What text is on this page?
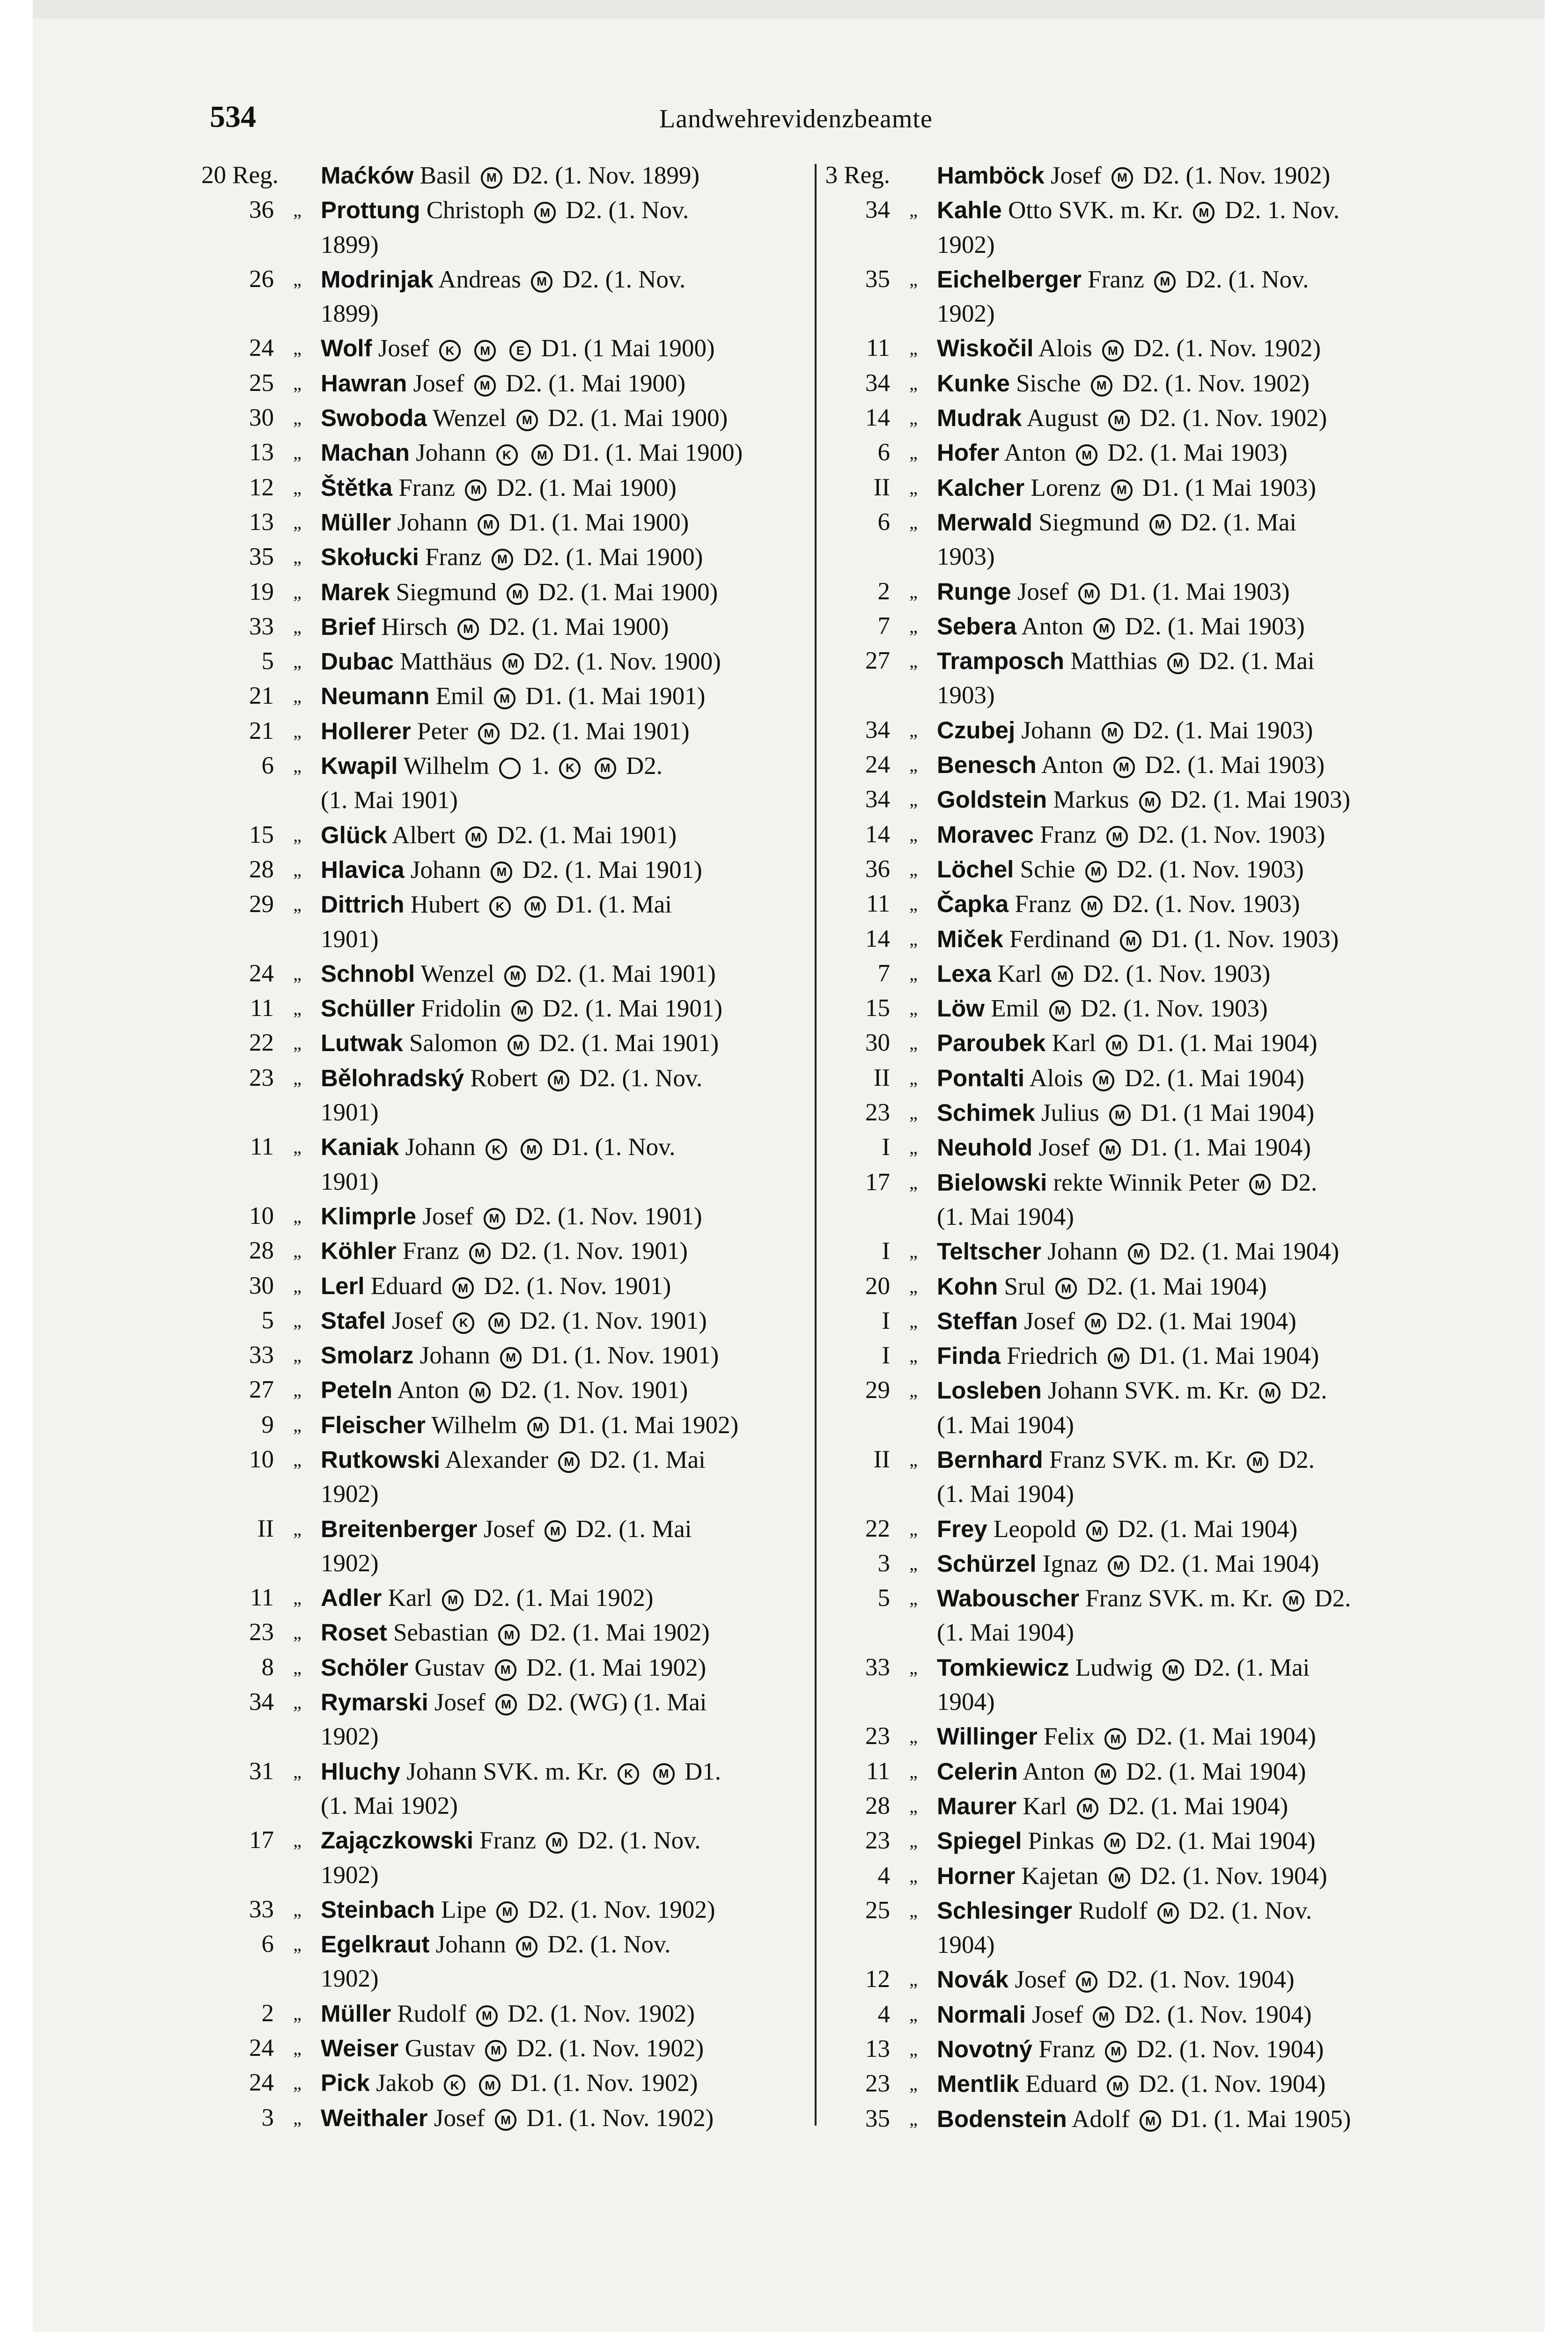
534	Landwehrevidenzbeamte
20 Reg. Maćków Basil M D2. (1. Nov. 1899)
36	„ Prottung Christoph M D2. (1. Nov.
1899)
26	„ Modrinjak Andreas M D2. (1. Nov.
1899)
24	„ Wolf Josef K M E D1. (1 Mai 1900)
25	„ Hawran Josef M D2. (1. Mai 1900)
30	„ Swoboda Wenzel M D2. (1. Mai 1900)
13	„ Machan Johann K M D1. (1. Mai 1900)
12	„ Štětka Franz M D2. (1. Mai 1900)
13	„ Müller Johann M D1. (1. Mai 1900)
35	„ Skołucki Franz M D2. (1. Mai 1900)
19	„ Marek Siegmund M D2. (1. Mai 1900)
33	„ Brief Hirsch M D2. (1. Mai 1900)
5	„ Dubac Matthäus M D2. (1. Nov. 1900)
21	„ Neumann Emil M D1. (1. Mai 1901)
21	„ Hollerer Peter M D2. (1. Mai 1901)
6	„ Kwapil Wilhelm  1. K M D2.
(1. Mai 1901)
15	„ Glück Albert M D2. (1. Mai 1901)
28	„ Hlavica Johann M D2. (1. Mai 1901)
29	„ Dittrich Hubert K M D1. (1. Mai
1901)
24	„ Schnobl Wenzel M D2. (1. Mai 1901)
11	„ Schüller Fridolin M D2. (1. Mai 1901)
22	„ Lutwak Salomon M D2. (1. Mai 1901)
23	„ Bělohradský Robert M D2. (1. Nov.
1901)
11	„ Kaniak Johann K M D1. (1. Nov.
1901)
10	„ Klimprle Josef M D2. (1. Nov. 1901)
28	„ Köhler Franz M D2. (1. Nov. 1901)
30	„ Lerl Eduard M D2. (1. Nov. 1901)
5	„ Stafel Josef K M D2. (1. Nov. 1901)
33	„ Smolarz Johann M D1. (1. Nov. 1901)
27	„ Peteln Anton M D2. (1. Nov. 1901)
9	„ Fleischer Wilhelm M D1. (1. Mai 1902)
10	„ Rutkowski Alexander M D2. (1. Mai
1902)
II	„ Breitenberger Josef M D2. (1. Mai
1902)
11	„ Adler Karl M D2. (1. Mai 1902)
23	„ Roset Sebastian M D2. (1. Mai 1902)
8	„ Schöler Gustav M D2. (1. Mai 1902)
34	„ Rymarski Josef M D2. (WG) (1. Mai
1902)
31	„ Hluchy Johann SVK. m. Kr. K M D1.
(1. Mai 1902)
17	„ Zajączkowski Franz M D2. (1. Nov.
1902)
33	„ Steinbach Lipe M D2. (1. Nov. 1902)
6	„ Egelkraut Johann M D2. (1. Nov.
1902)
2	„ Müller Rudolf M D2. (1. Nov. 1902)
24	„ Weiser Gustav M D2. (1. Nov. 1902)
24	„ Pick Jakob K M D1. (1. Nov. 1902)
3	„ Weithaler Josef M D1. (1. Nov. 1902)
3 Reg. Hamböck Josef M D2. (1. Nov. 1902)
34	„ Kahle Otto SVK. m. Kr. M D2. 1. Nov.
1902)
35	„ Eichelberger Franz M D2. (1. Nov.
1902)
11	„ Wiskočil Alois M D2. (1. Nov. 1902)
34	„ Kunke Sische M D2. (1. Nov. 1902)
14	„ Mudrak August M D2. (1. Nov. 1902)
6	„ Hofer Anton M D2. (1. Mai 1903)
II	„ Kalcher Lorenz M D1. (1 Mai 1903)
6	„ Merwald Siegmund M D2. (1. Mai
1903)
2	„ Runge Josef M D1. (1. Mai 1903)
7	„ Sebera Anton M D2. (1. Mai 1903)
27	„ Tramposch Matthias M D2. (1. Mai
1903)
34	„ Czubej Johann M D2. (1. Mai 1903)
24	„ Benesch Anton M D2. (1. Mai 1903)
34	„ Goldstein Markus M D2. (1. Mai 1903)
14	„ Moravec Franz M D2. (1. Nov. 1903)
36	„ Löchel Schie M D2. (1. Nov. 1903)
11	„ Čapka Franz M D2. (1. Nov. 1903)
14	„ Miček Ferdinand M D1. (1. Nov. 1903)
7	„ Lexa Karl M D2. (1. Nov. 1903)
15	„ Löw Emil M D2. (1. Nov. 1903)
30	„ Paroubek Karl M D1. (1. Mai 1904)
II	„ Pontalti Alois M D2. (1. Mai 1904)
23	„ Schimek Julius M D1. (1 Mai 1904)
I	„ Neuhold Josef M D1. (1. Mai 1904)
17	„ Bielowski rekte Winnik Peter M D2.
(1. Mai 1904)
I	„ Teltscher Johann M D2. (1. Mai 1904)
20	„ Kohn Srul M D2. (1. Mai 1904)
I	„ Steffan Josef M D2. (1. Mai 1904)
I	„ Finda Friedrich M D1. (1. Mai 1904)
29	„ Losleben Johann SVK. m. Kr. M D2.
(1. Mai 1904)
II	„ Bernhard Franz SVK. m. Kr. M D2.
(1. Mai 1904)
22	„ Frey Leopold M D2. (1. Mai 1904)
3	„ Schürzel Ignaz M D2. (1. Mai 1904)
5	„ Wabouscher Franz SVK. m. Kr. M D2.
(1. Mai 1904)
33	„ Tomkiewicz Ludwig M D2. (1. Mai
1904)
23	„ Willinger Felix M D2. (1. Mai 1904)
11	„ Celerin Anton M D2. (1. Mai 1904)
28	„ Maurer Karl M D2. (1. Mai 1904)
23	„ Spiegel Pinkas M D2. (1. Mai 1904)
4	„ Horner Kajetan M D2. (1. Nov. 1904)
25	„ Schlesinger Rudolf M D2. (1. Nov.
1904)
12	„ Novák Josef M D2. (1. Nov. 1904)
4	„ Normali Josef M D2. (1. Nov. 1904)
13	„ Novotný Franz M D2. (1. Nov. 1904)
23	„ Mentlik Eduard M D2. (1. Nov. 1904)
35	„ Bodenstein Adolf M D1. (1. Mai 1905)
